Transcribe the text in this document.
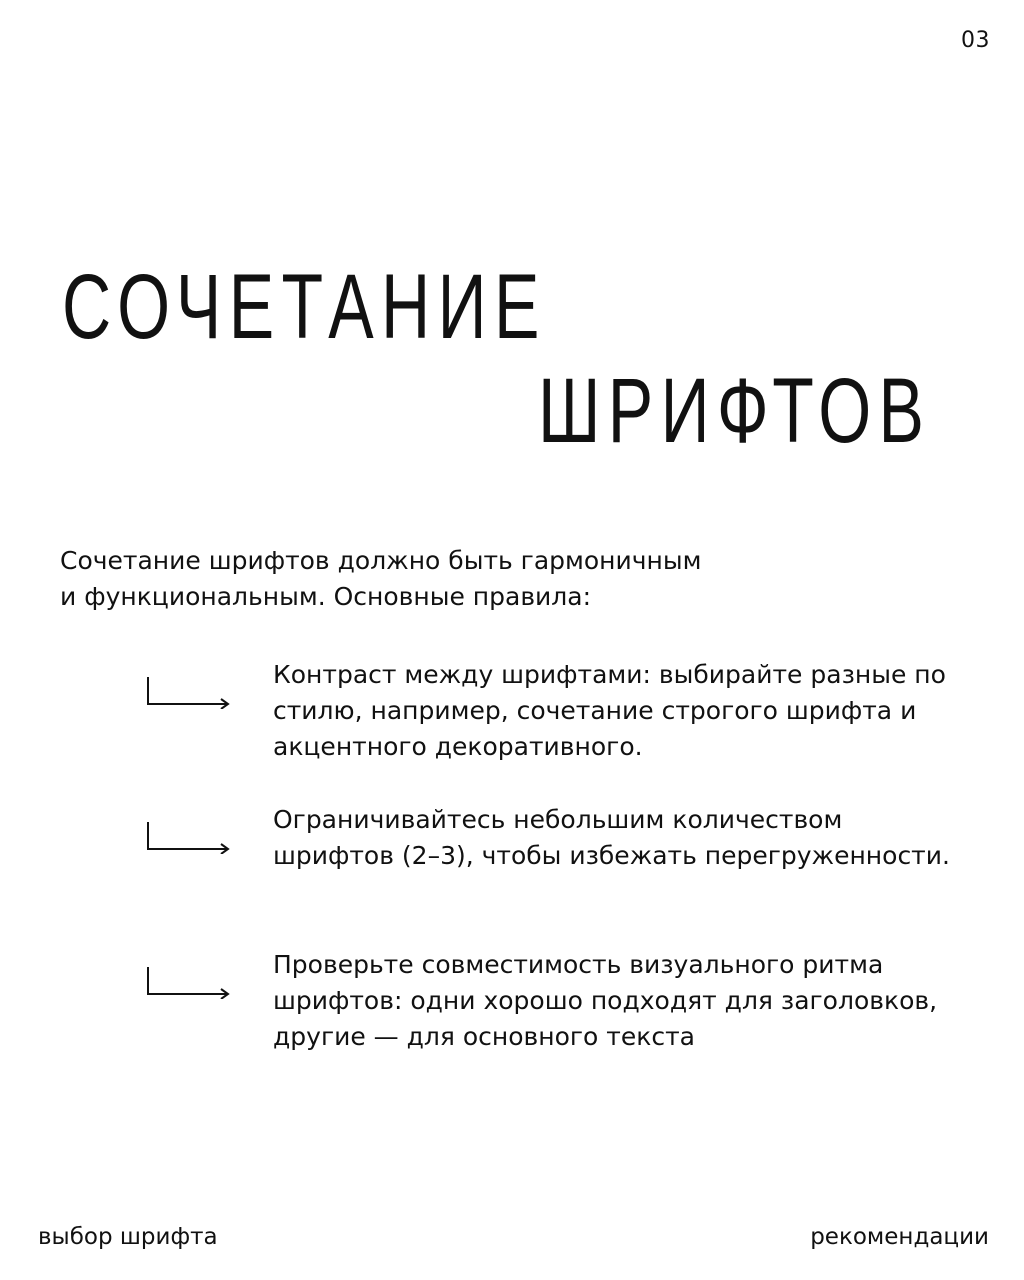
03
СОЧЕТАНИЕ
ШРИФТОВ

Сочетание шрифтов должно быть гармоничным и функциональным. Основные правила:

Контраст между шрифтами: выбирайте разные по стилю, например, сочетание строгого шрифта и акцентного декоративного.
Ограничивайтесь небольшим количеством шрифтов (2–3), чтобы избежать перегруженности.
Проверьте совместимость визуального ритма шрифтов: одни хорошо подходят для заголовков, другие — для основного текста
выбор шрифта	рекомендации
